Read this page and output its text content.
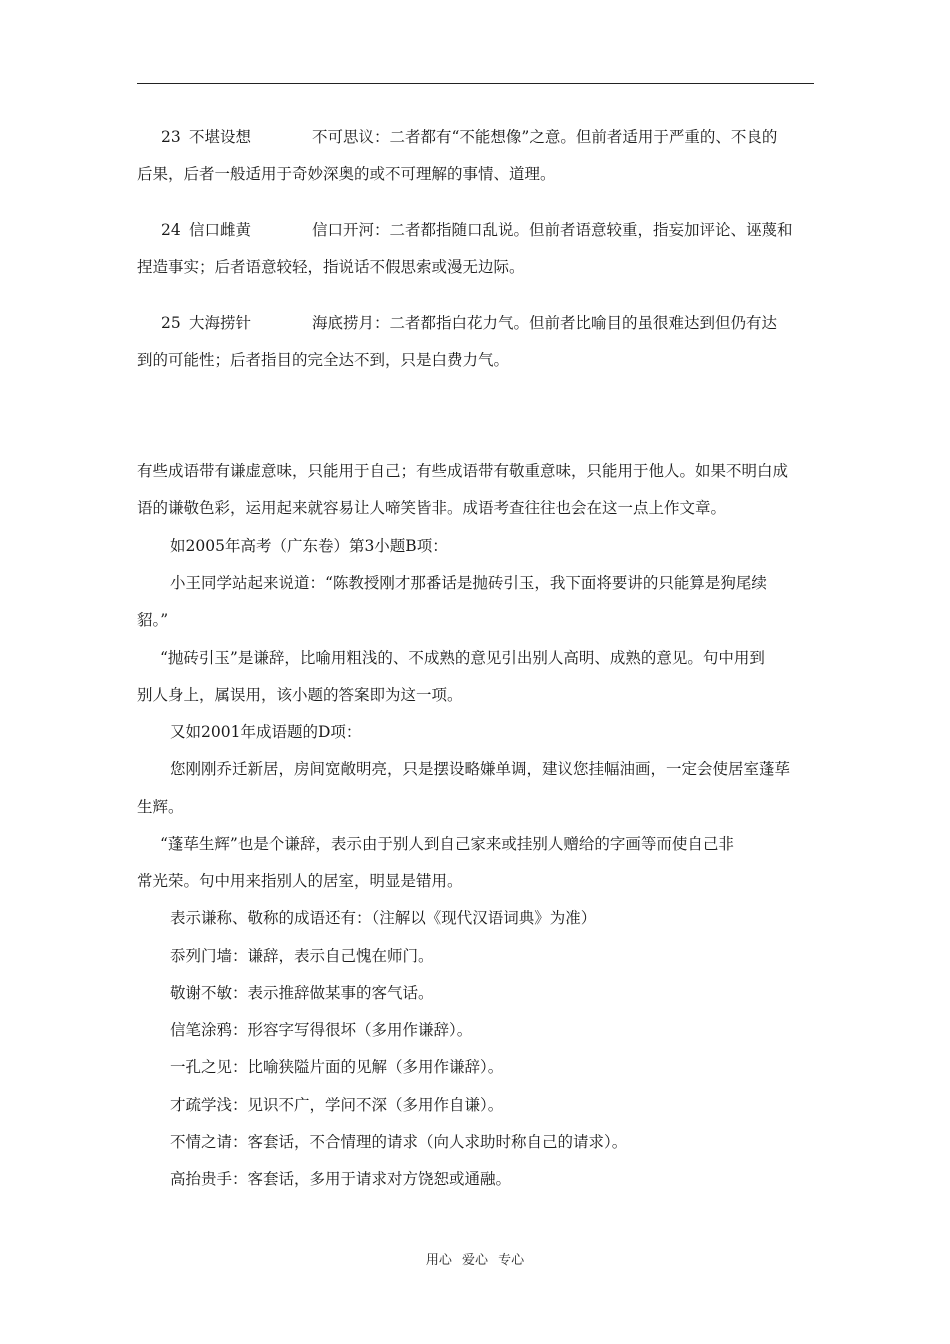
23 不堪设想	不可思议：二者都有“不能想像”之意。但前者适用于严重的、不良的
后果，后者一般适用于奇妙深奥的或不可理解的事情、道理。
24 信口雌黄	信口开河：二者都指随口乱说。但前者语意较重，指妄加评论、诬蔑和
捏造事实；后者语意较轻，指说话不假思索或漫无边际。
25 大海捞针	海底捞月：二者都指白花力气。但前者比喻目的虽很难达到但仍有达
到的可能性；后者指目的完全达不到，只是白费力气。
有些成语带有谦虚意味，只能用于自己；有些成语带有敬重意味，只能用于他人。如果不明白成
语的谦敬色彩，运用起来就容易让人啼笑皆非。成语考查往往也会在这一点上作文章。
如2005年高考（广东卷）第3小题B项：
小王同学站起来说道：“陈教授刚才那番话是抛砖引玉，我下面将要讲的只能算是狗尾续
貂。”
“抛砖引玉”是谦辞，比喻用粗浅的、不成熟的意见引出别人高明、成熟的意见。句中用到
别人身上，属误用，该小题的答案即为这一项。
又如2001年成语题的D项：
您刚刚乔迁新居，房间宽敞明亮，只是摆设略嫌单调，建议您挂幅油画，一定会使居室蓬荜
生辉。
“蓬荜生辉”也是个谦辞，表示由于别人到自己家来或挂别人赠给的字画等而使自己非
常光荣。句中用来指别人的居室，明显是错用。
表示谦称、敬称的成语还有：（注解以《现代汉语词典》为准）
忝列门墙：谦辞，表示自己愧在师门。
敬谢不敏：表示推辞做某事的客气话。
信笔涂鸦：形容字写得很坏（多用作谦辞）。
一孔之见：比喻狭隘片面的见解（多用作谦辞）。
才疏学浅：见识不广，学问不深（多用作自谦）。
不情之请：客套话，不合情理的请求（向人求助时称自己的请求）。
高抬贵手：客套话，多用于请求对方饶恕或通融。
用心 爱心 专心
